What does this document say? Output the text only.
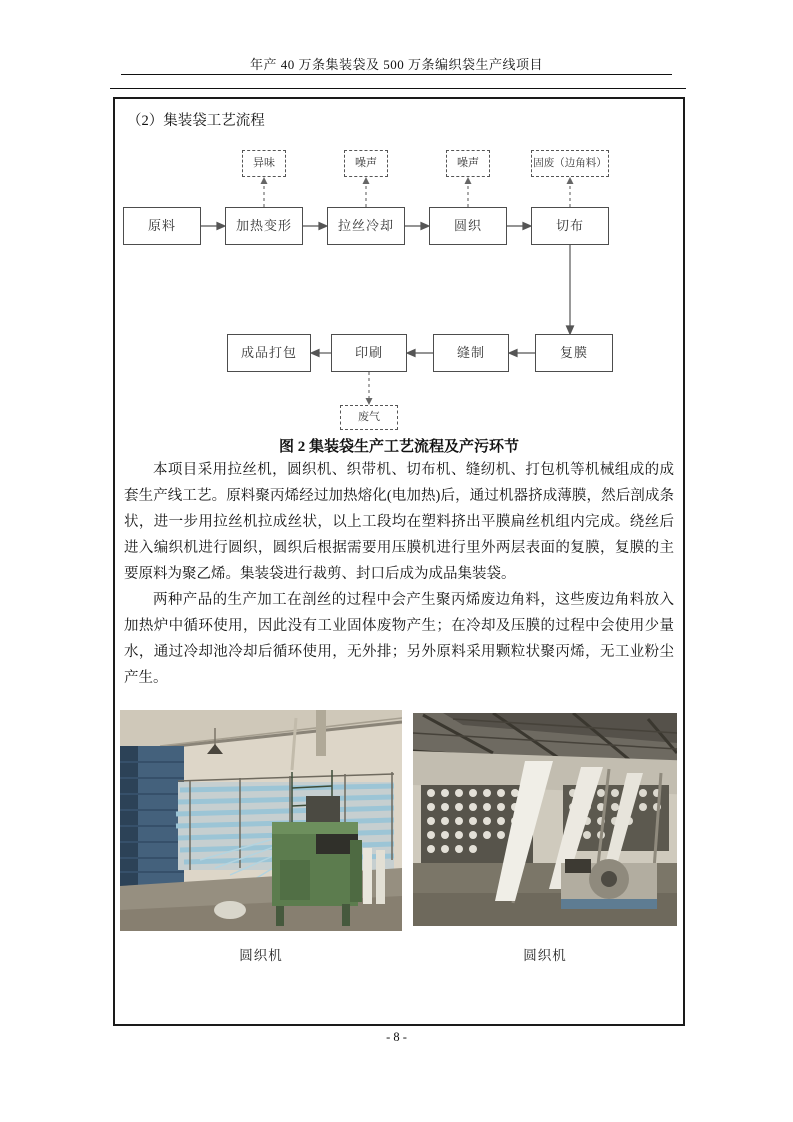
年产 40 万条集装袋及 500 万条编织袋生产线项目
（2）集装袋工艺流程
异味	噪声	噪声	固废（边角料）
原料	加热变形	拉丝冷却	圆织	切布
成品打包	印刷	缝制	复膜
废气
图 2 集装袋生产工艺流程及产污环节

本项目采用拉丝机，圆织机、织带机、切布机、缝纫机、打包机等机械组成的成套生产线工艺。原料聚丙烯经过加热熔化(电加热)后，通过机器挤成薄膜，然后剖成条状，进一步用拉丝机拉成丝状，以上工段均在塑料挤出平膜扁丝机组内完成。绕丝后进入编织机进行圆织，圆织后根据需要用压膜机进行里外两层表面的复膜，复膜的主要原料为聚乙烯。集装袋进行裁剪、封口后成为成品集装袋。

两种产品的生产加工在剖丝的过程中会产生聚丙烯废边角料，这些废边角料放入加热炉中循环使用，因此没有工业固体废物产生；在冷却及压膜的过程中会使用少量水，通过冷却池冷却后循环使用，无外排；另外原料采用颗粒状聚丙烯，无工业粉尘产生。

圆织机	圆织机
- 8 -
